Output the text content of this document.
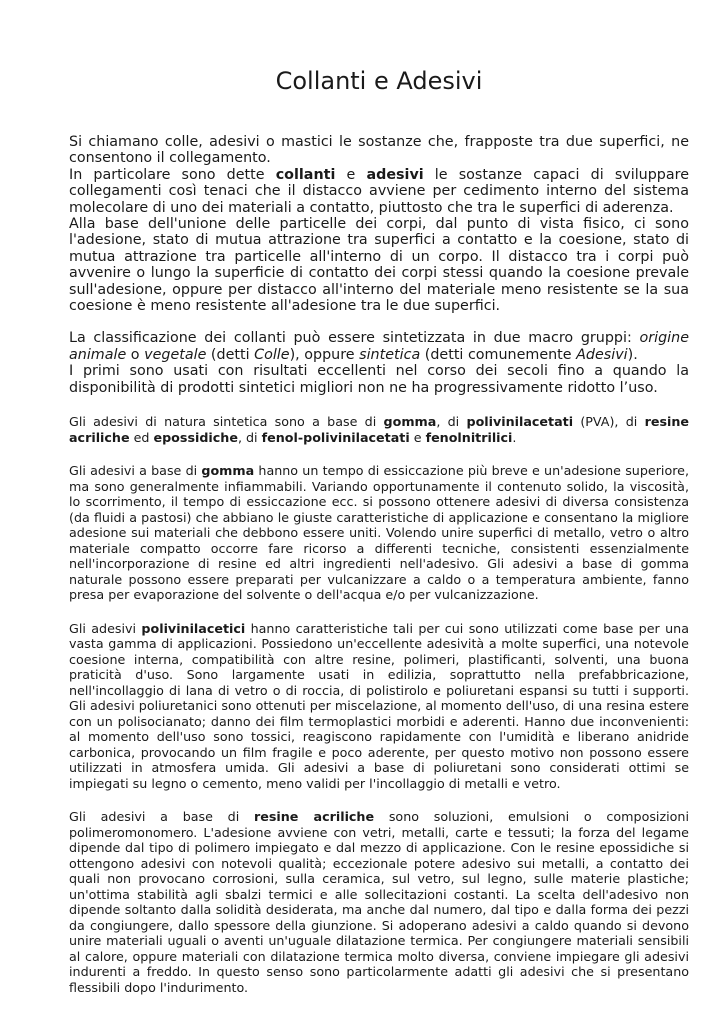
Collanti e Adesivi

Si chiamano colle, adesivi o mastici le sostanze che, frapposte tra due superfici, ne consentono il collegamento.

In particolare sono dette collanti e adesivi le sostanze capaci di sviluppare collegamenti così tenaci che il distacco avviene per cedimento interno del sistema molecolare di uno dei materiali a contatto, piuttosto che tra le superfici di aderenza.

Alla base dell'unione delle particelle dei corpi, dal punto di vista fisico, ci sono l'adesione, stato di mutua attrazione tra superfici a contatto e la coesione, stato di mutua attrazione tra particelle all'interno di un corpo. Il distacco tra i corpi può avvenire o lungo la superficie di contatto dei corpi stessi quando la coesione prevale sull'adesione, oppure per distacco all'interno del materiale meno resistente se la sua coesione è meno resistente all'adesione tra le due superfici.

La classificazione dei collanti può essere sintetizzata in due macro gruppi: origine animale o vegetale (detti Colle), oppure sintetica (detti comunemente Adesivi).

I primi sono usati con risultati eccellenti nel corso dei secoli fino a quando la disponibilità di prodotti sintetici migliori non ne ha progressivamente ridotto l’uso.

Gli adesivi di natura sintetica sono a base di gomma, di polivinilacetati (PVA), di resine acriliche ed epossidiche, di fenol-polivinilacetati e fenolnitrilici.

Gli adesivi a base di gomma hanno un tempo di essiccazione più breve e un'adesione superiore, ma sono generalmente infiammabili. Variando opportunamente il contenuto solido, la viscosità, lo scorrimento, il tempo di essiccazione ecc. si possono ottenere adesivi di diversa consistenza (da fluidi a pastosi) che abbiano le giuste caratteristiche di applicazione e consentano la migliore adesione sui materiali che debbono essere uniti. Volendo unire superfici di metallo, vetro o altro materiale compatto occorre fare ricorso a differenti tecniche, consistenti essenzialmente nell'incorporazione di resine ed altri ingredienti nell'adesivo. Gli adesivi a base di gomma naturale possono essere preparati per vulcanizzare a caldo o a temperatura ambiente, fanno presa per evaporazione del solvente o dell'acqua e/o per vulcanizzazione.

Gli adesivi polivinilacetici hanno caratteristiche tali per cui sono utilizzati come base per una vasta gamma di applicazioni. Possiedono un'eccellente adesività a molte superfici, una notevole coesione interna, compatibilità con altre resine, polimeri, plastificanti, solventi, una buona praticità d'uso. Sono largamente usati in edilizia, soprattutto nella prefabbricazione, nell'incollaggio di lana di vetro o di roccia, di polistirolo e poliuretani espansi su tutti i supporti. Gli adesivi poliuretanici sono ottenuti per miscelazione, al momento dell'uso, di una resina estere con un polisocianato; danno dei film termoplastici morbidi e aderenti. Hanno due inconvenienti: al momento dell'uso sono tossici, reagiscono rapidamente con l'umidità e liberano anidride carbonica, provocando un film fragile e poco aderente, per questo motivo non possono essere utilizzati in atmosfera umida. Gli adesivi a base di poliuretani sono considerati ottimi se impiegati su legno o cemento, meno validi per l'incollaggio di metalli e vetro.

Gli adesivi a base di resine acriliche sono soluzioni, emulsioni o composizioni polimeromonomero. L'adesione avviene con vetri, metalli, carte e tessuti; la forza del legame dipende dal tipo di polimero impiegato e dal mezzo di applicazione. Con le resine epossidiche si ottengono adesivi con notevoli qualità; eccezionale potere adesivo sui metalli, a contatto dei quali non provocano corrosioni, sulla ceramica, sul vetro, sul legno, sulle materie plastiche; un'ottima stabilità agli sbalzi termici e alle sollecitazioni costanti. La scelta dell'adesivo non dipende soltanto dalla solidità desiderata, ma anche dal numero, dal tipo e dalla forma dei pezzi da congiungere, dallo spessore della giunzione. Si adoperano adesivi a caldo quando si devono unire materiali uguali o aventi un'uguale dilatazione termica. Per congiungere materiali sensibili al calore, oppure materiali con dilatazione termica molto diversa, conviene impiegare gli adesivi indurenti a freddo. In questo senso sono particolarmente adatti gli adesivi che si presentano flessibili dopo l'indurimento.
